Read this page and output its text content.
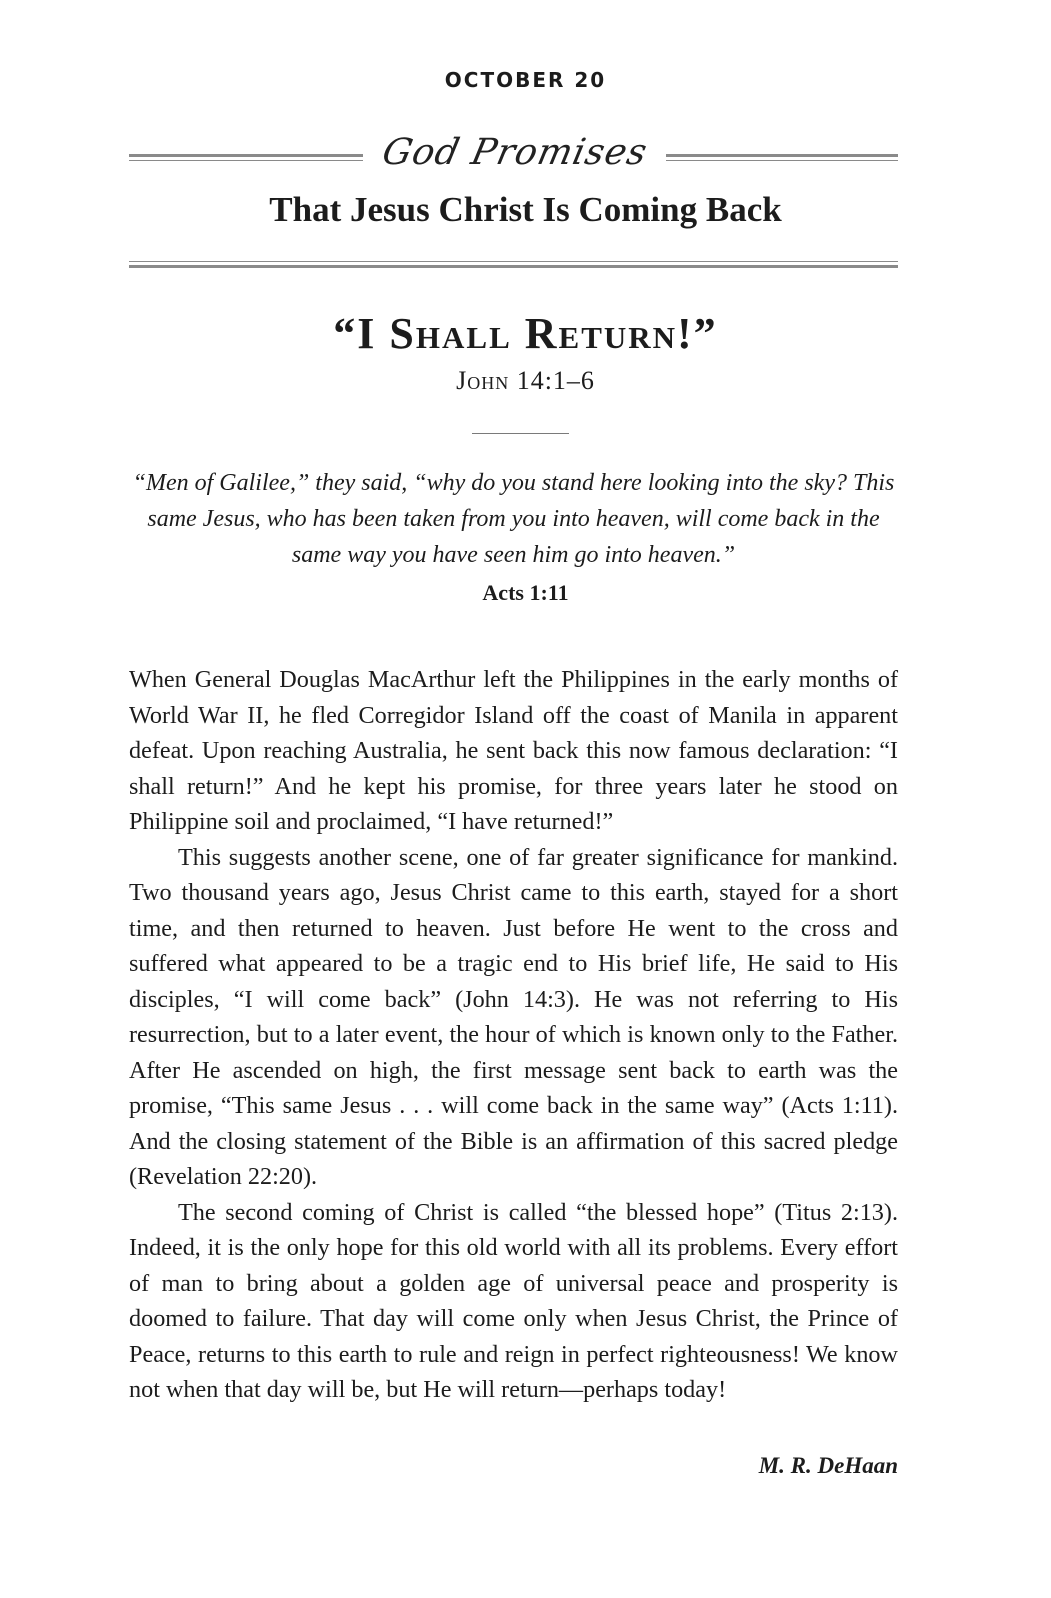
OCTOBER 20
God Promises
That Jesus Christ Is Coming Back
“I Shall Return!”
John 14:1–6

“Men of Galilee,” they said, “why do you stand here looking into the sky? This same Jesus, who has been taken from you into heaven, will come back in the same way you have seen him go into heaven.”

Acts 1:11

When General Douglas MacArthur left the Philippines in the early months of World War II, he fled Corregidor Island off the coast of Manila in apparent defeat. Upon reaching Australia, he sent back this now famous declaration: “I shall return!” And he kept his promise, for three years later he stood on Philippine soil and proclaimed, “I have returned!”

This suggests another scene, one of far greater significance for mankind. Two thousand years ago, Jesus Christ came to this earth, stayed for a short time, and then returned to heaven. Just before He went to the cross and suffered what appeared to be a tragic end to His brief life, He said to His disciples, “I will come back” (John 14:3). He was not referring to His resurrection, but to a later event, the hour of which is known only to the Father. After He ascended on high, the first message sent back to earth was the promise, “This same Jesus . . . will come back in the same way” (Acts 1:11). And the closing statement of the Bible is an affirmation of this sacred pledge (Revelation 22:20).

The second coming of Christ is called “the blessed hope” (Titus 2:13). Indeed, it is the only hope for this old world with all its problems. Every effort of man to bring about a golden age of universal peace and prosperity is doomed to failure. That day will come only when Jesus Christ, the Prince of Peace, returns to this earth to rule and reign in perfect righteousness! We know not when that day will be, but He will return—perhaps today!

M. R. DeHaan
